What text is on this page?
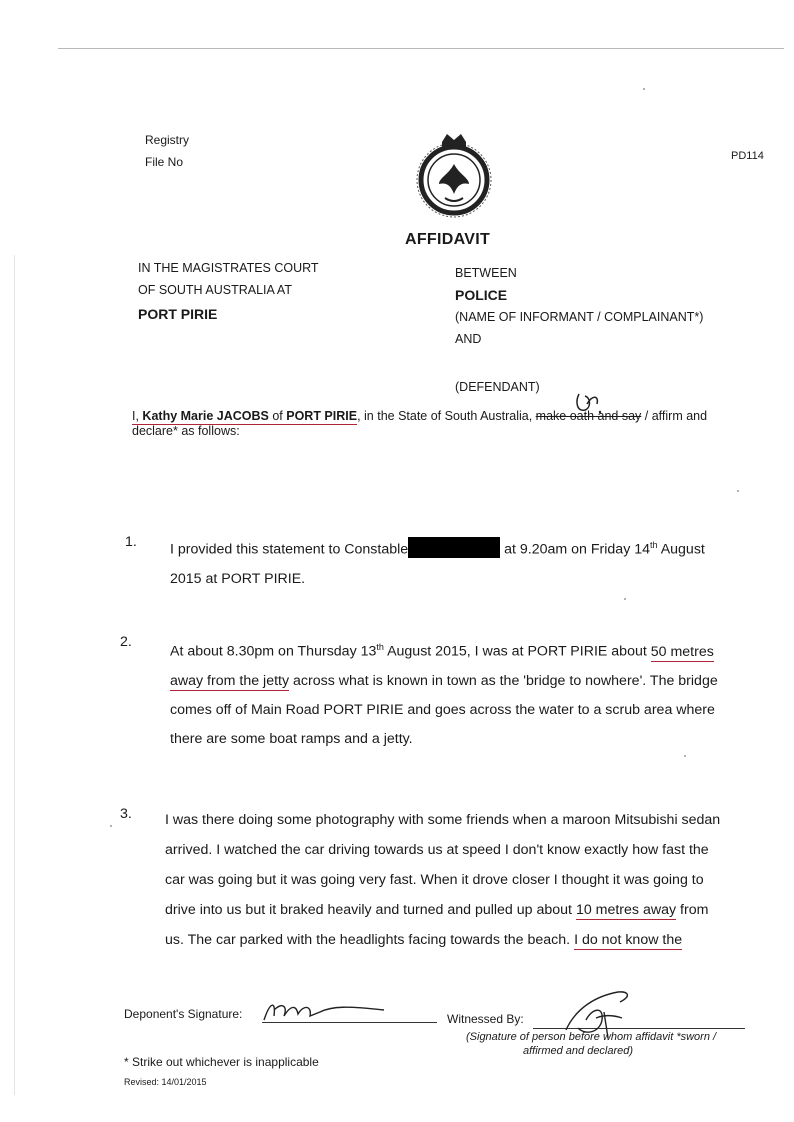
Registry
File No	PD114
AFFIDAVIT
IN THE MAGISTRATES COURT
OF SOUTH AUSTRALIA AT
PORT PIRIE
BETWEEN
POLICE
(NAME OF INFORMANT / COMPLAINANT*)
AND
(DEFENDANT)
I, Kathy Marie JACOBS of PORT PIRIE, in the State of South Australia, make oath and say / affirm and
declare* as follows:
1. I provided this statement to Constable	at 9.20am on Friday 14th August

2015 at PORT PIRIE.

2.

At about 8.30pm on Thursday 13th August 2015, I was at PORT PIRIE about 50 metres

away from the jetty across what is known in town as the 'bridge to nowhere'. The bridge

comes off of Main Road PORT PIRIE and goes across the water to a scrub area where

there are some boat ramps and a jetty.

3. I was there doing some photography with some friends when a maroon Mitsubishi sedan

arrived. I watched the car driving towards us at speed I don't know exactly how fast the

car was going but it was going very fast. When it drove closer I thought it was going to

drive into us but it braked heavily and turned and pulled up about 10 metres away from

us. The car parked with the headlights facing towards the beach. I do not know the

Deponent's Signature:	Witnessed By:
(Signature of person before whom affidavit *sworn /
affirmed and declared)
* Strike out whichever is inapplicable
Revised: 14/01/2015
